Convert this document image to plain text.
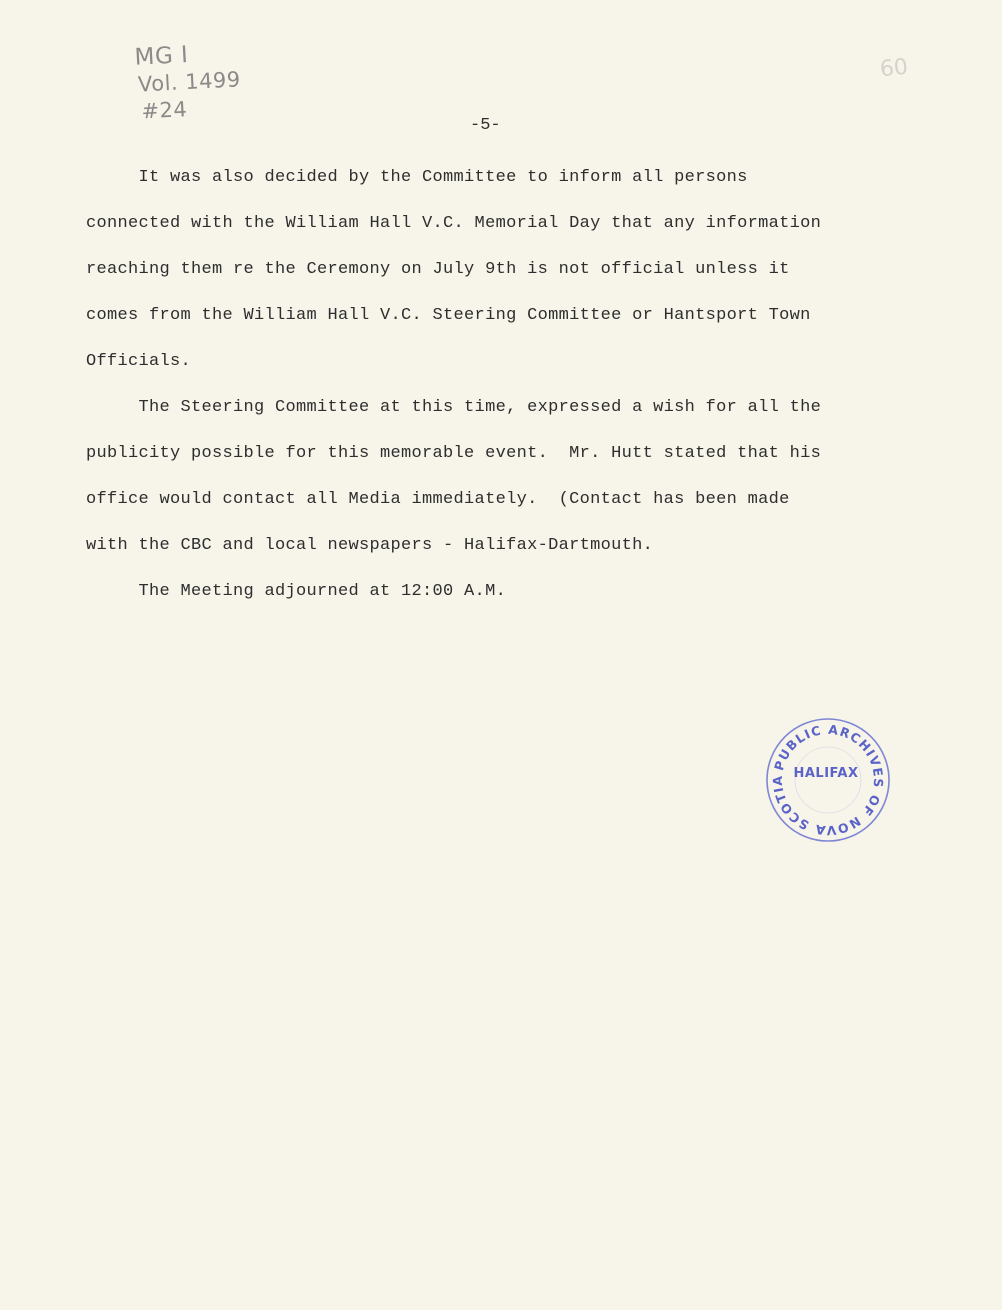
MG I
Vol. 1499
#24
60
-5-
It was also decided by the Committee to inform all persons
connected with the William Hall V.C. Memorial Day that any information
reaching them re the Ceremony on July 9th is not official unless it
comes from the William Hall V.C. Steering Committee or Hantsport Town
Officials.
The Steering Committee at this time, expressed a wish for all the
publicity possible for this memorable event.  Mr. Hutt stated that his
office would contact all Media immediately.  (Contact has been made
with the CBC and local newspapers - Halifax-Dartmouth.
The Meeting adjourned at 12:00 A.M.
PUBLIC ARCHIVES OF NOVA SCOTIA HALIFAX
